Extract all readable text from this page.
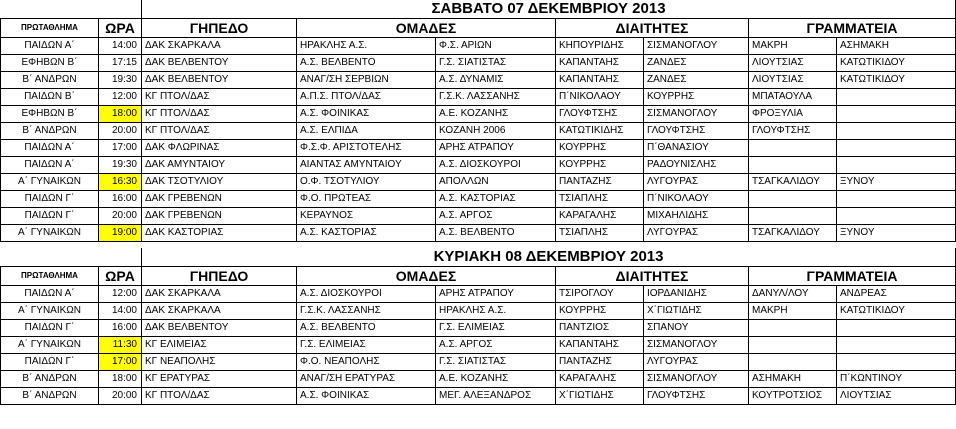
		ΣΑΒΒΑΤΟ 07 ΔΕΚΕΜΒΡΙΟΥ 2013						
ΠΡΩΤΑΘΛΗΜΑ	ΩΡΑ	ΓΗΠΕΔΟ	ΟΜΑΔΕΣ		ΔΙΑΙΤΗΤΕΣ		ΓΡΑΜΜΑΤΕΙΑ	
ΠΑΙΔΩΝ Α΄	14:00	ΔΑΚ ΣΚΑΡΚΑΛΑ	ΗΡΑΚΛΗΣ Α.Σ.	Φ.Σ. ΑΡΙΩΝ	ΚΗΠΟΥΡΙΔΗΣ	ΣΙΣΜΑΝΟΓΛΟΥ	ΜΑΚΡΗ	ΑΣΗΜΑΚΗ
ΕΦΗΒΩΝ Β΄	17:15	ΔΑΚ ΒΕΛΒΕΝΤΟΥ	Α.Σ. ΒΕΛΒΕΝΤΟ	Γ.Σ. ΣΙΑΤΙΣΤΑΣ	ΚΑΠΑΝΤΑΗΣ	ΖΑΝΔΕΣ	ΛΙΟΥΤΣΙΑΣ	ΚΑΤΩΤΙΚΙΔΟΥ
Β΄ ΑΝΔΡΩΝ	19:30	ΔΑΚ ΒΕΛΒΕΝΤΟΥ	ΑΝΑΓ/ΣΗ ΣΕΡΒΙΩΝ	Α.Σ. ΔΥΝΑΜΙΣ	ΚΑΠΑΝΤΑΗΣ	ΖΑΝΔΕΣ	ΛΙΟΥΤΣΙΑΣ	ΚΑΤΩΤΙΚΙΔΟΥ
ΠΑΙΔΩΝ Β΄	12:00	ΚΓ ΠΤΟΛ/ΔΑΣ	Α.Π.Σ. ΠΤΟΛ/ΔΑΣ	Γ.Σ.Κ. ΛΑΣΣΑΝΗΣ	Π΄ΝΙΚΟΛΑΟΥ	ΚΟΥΡΡΗΣ	ΜΠΑΤΑΟΥΛΑ	
ΕΦΗΒΩΝ Β΄	18:00	ΚΓ ΠΤΟΛ/ΔΑΣ	Α.Σ. ΦΟΙΝΙΚΑΣ	Α.Ε. ΚΟΖΑΝΗΣ	ΓΛΟΥΦΤΣΗΣ	ΣΙΣΜΑΝΟΓΛΟΥ	ΦΡΟΞΥΛΙΑ	
Β΄ ΑΝΔΡΩΝ	20:00	ΚΓ ΠΤΟΛ/ΔΑΣ	Α.Σ. ΕΛΠΙΔΑ	ΚΟΖΑΝΗ 2006	ΚΑΤΩΤΙΚΙΔΗΣ	ΓΛΟΥΦΤΣΗΣ	ΓΛΟΥΦΤΣΗΣ	
ΠΑΙΔΩΝ Α΄	17:00	ΔΑΚ ΦΛΩΡΙΝΑΣ	Φ.Σ.Φ. ΑΡΙΣΤΟΤΕΛΗΣ	ΑΡΗΣ ΑΤΡΑΠΟΥ	ΚΟΥΡΡΗΣ	Π΄ΘΑΝΑΣΙΟΥ		
ΠΑΙΔΩΝ Α΄	19:30	ΔΑΚ ΑΜΥΝΤΑΙΟΥ	ΑΙΑΝΤΑΣ ΑΜΥΝΤΑΙΟΥ	Α.Σ. ΔΙΟΣΚΟΥΡΟΙ	ΚΟΥΡΡΗΣ	ΡΑΔΟΥΝΙΣΛΗΣ		
Α΄ ΓΥΝΑΙΚΩΝ	16:30	ΔΑΚ ΤΣΟΤΥΛΙΟΥ	Ο.Φ. ΤΣΟΤΥΛΙΟΥ	ΑΠΟΛΛΩΝ	ΠΑΝΤΑΖΗΣ	ΛΥΓΟΥΡΑΣ	ΤΣΑΓΚΑΛΙΔΟΥ	ΞΥΝΟΥ
ΠΑΙΔΩΝ Γ΄	16:00	ΔΑΚ ΓΡΕΒΕΝΩΝ	Φ.Ο. ΠΡΩΤΕΑΣ	Α.Σ. ΚΑΣΤΟΡΙΑΣ	ΤΣΙΑΠΛΗΣ	Π΄ΝΙΚΟΛΑΟΥ		
ΠΑΙΔΩΝ Γ΄	20:00	ΔΑΚ ΓΡΕΒΕΝΩΝ	ΚΕΡΑΥΝΟΣ	Α.Σ. ΑΡΓΟΣ	ΚΑΡΑΓΑΛΗΣ	ΜΙΧΑΗΛΙΔΗΣ		
Α΄ ΓΥΝΑΙΚΩΝ	19:00	ΔΑΚ ΚΑΣΤΟΡΙΑΣ	Α.Σ. ΚΑΣΤΟΡΙΑΣ	Α.Σ. ΒΕΛΒΕΝΤΟ	ΤΣΙΑΠΛΗΣ	ΛΥΓΟΥΡΑΣ	ΤΣΑΓΚΑΛΙΔΟΥ	ΞΥΝΟΥ

		ΚΥΡΙΑΚΗ 08 ΔΕΚΕΜΒΡΙΟΥ 2013						
ΠΡΩΤΑΘΛΗΜΑ	ΩΡΑ	ΓΗΠΕΔΟ	ΟΜΑΔΕΣ		ΔΙΑΙΤΗΤΕΣ		ΓΡΑΜΜΑΤΕΙΑ	
ΠΑΙΔΩΝ Α΄	12:00	ΔΑΚ ΣΚΑΡΚΑΛΑ	Α.Σ. ΔΙΟΣΚΟΥΡΟΙ	ΑΡΗΣ ΑΤΡΑΠΟΥ	ΤΣΙΡΟΓΛΟΥ	ΙΟΡΔΑΝΙΔΗΣ	ΔΑΝΥΛ/ΛΟΥ	ΑΝΔΡΕΑΣ
Α΄ ΓΥΝΑΙΚΩΝ	14:00	ΔΑΚ ΣΚΑΡΚΑΛΑ	Γ.Σ.Κ. ΛΑΣΣΑΝΗΣ	ΗΡΑΚΛΗΣ Α.Σ.	ΚΟΥΡΡΗΣ	Χ΄ΓΙΩΤΙΔΗΣ	ΜΑΚΡΗ	ΚΑΤΩΤΙΚΙΔΟΥ
ΠΑΙΔΩΝ Γ΄	16:00	ΔΑΚ ΒΕΛΒΕΝΤΟΥ	Α.Σ. ΒΕΛΒΕΝΤΟ	Γ.Σ. ΕΛΙΜΕΙΑΣ	ΠΑΝΤΖΙΟΣ	ΣΠΑΝΟΥ		
Α΄ ΓΥΝΑΙΚΩΝ	11:30	ΚΓ ΕΛΙΜΕΙΑΣ	Γ.Σ. ΕΛΙΜΕΙΑΣ	Α.Σ. ΑΡΓΟΣ	ΚΑΠΑΝΤΑΗΣ	ΣΙΣΜΑΝΟΓΛΟΥ		
ΠΑΙΔΩΝ Γ΄	17:00	ΚΓ ΝΕΑΠΟΛΗΣ	Φ.Ο. ΝΕΑΠΟΛΗΣ	Γ.Σ. ΣΙΑΤΙΣΤΑΣ	ΠΑΝΤΑΖΗΣ	ΛΥΓΟΥΡΑΣ		
Β΄ ΑΝΔΡΩΝ	18:00	ΚΓ ΕΡΑΤΥΡΑΣ	ΑΝΑΓ/ΣΗ ΕΡΑΤΥΡΑΣ	Α.Ε. ΚΟΖΑΝΗΣ	ΚΑΡΑΓΑΛΗΣ	ΣΙΣΜΑΝΟΓΛΟΥ	ΑΣΗΜΑΚΗ	Π΄ΚΩΝΤΙΝΟΥ
Β΄ ΑΝΔΡΩΝ	20:00	ΚΓ ΠΤΟΛ/ΔΑΣ	Α.Σ. ΦΟΙΝΙΚΑΣ	ΜΕΓ. ΑΛΕΞΑΝΔΡΟΣ	Χ΄ΓΙΩΤΙΔΗΣ	ΓΛΟΥΦΤΣΗΣ	ΚΟΥΤΡΟΤΣΙΟΣ	ΛΙΟΥΤΣΙΑΣ
